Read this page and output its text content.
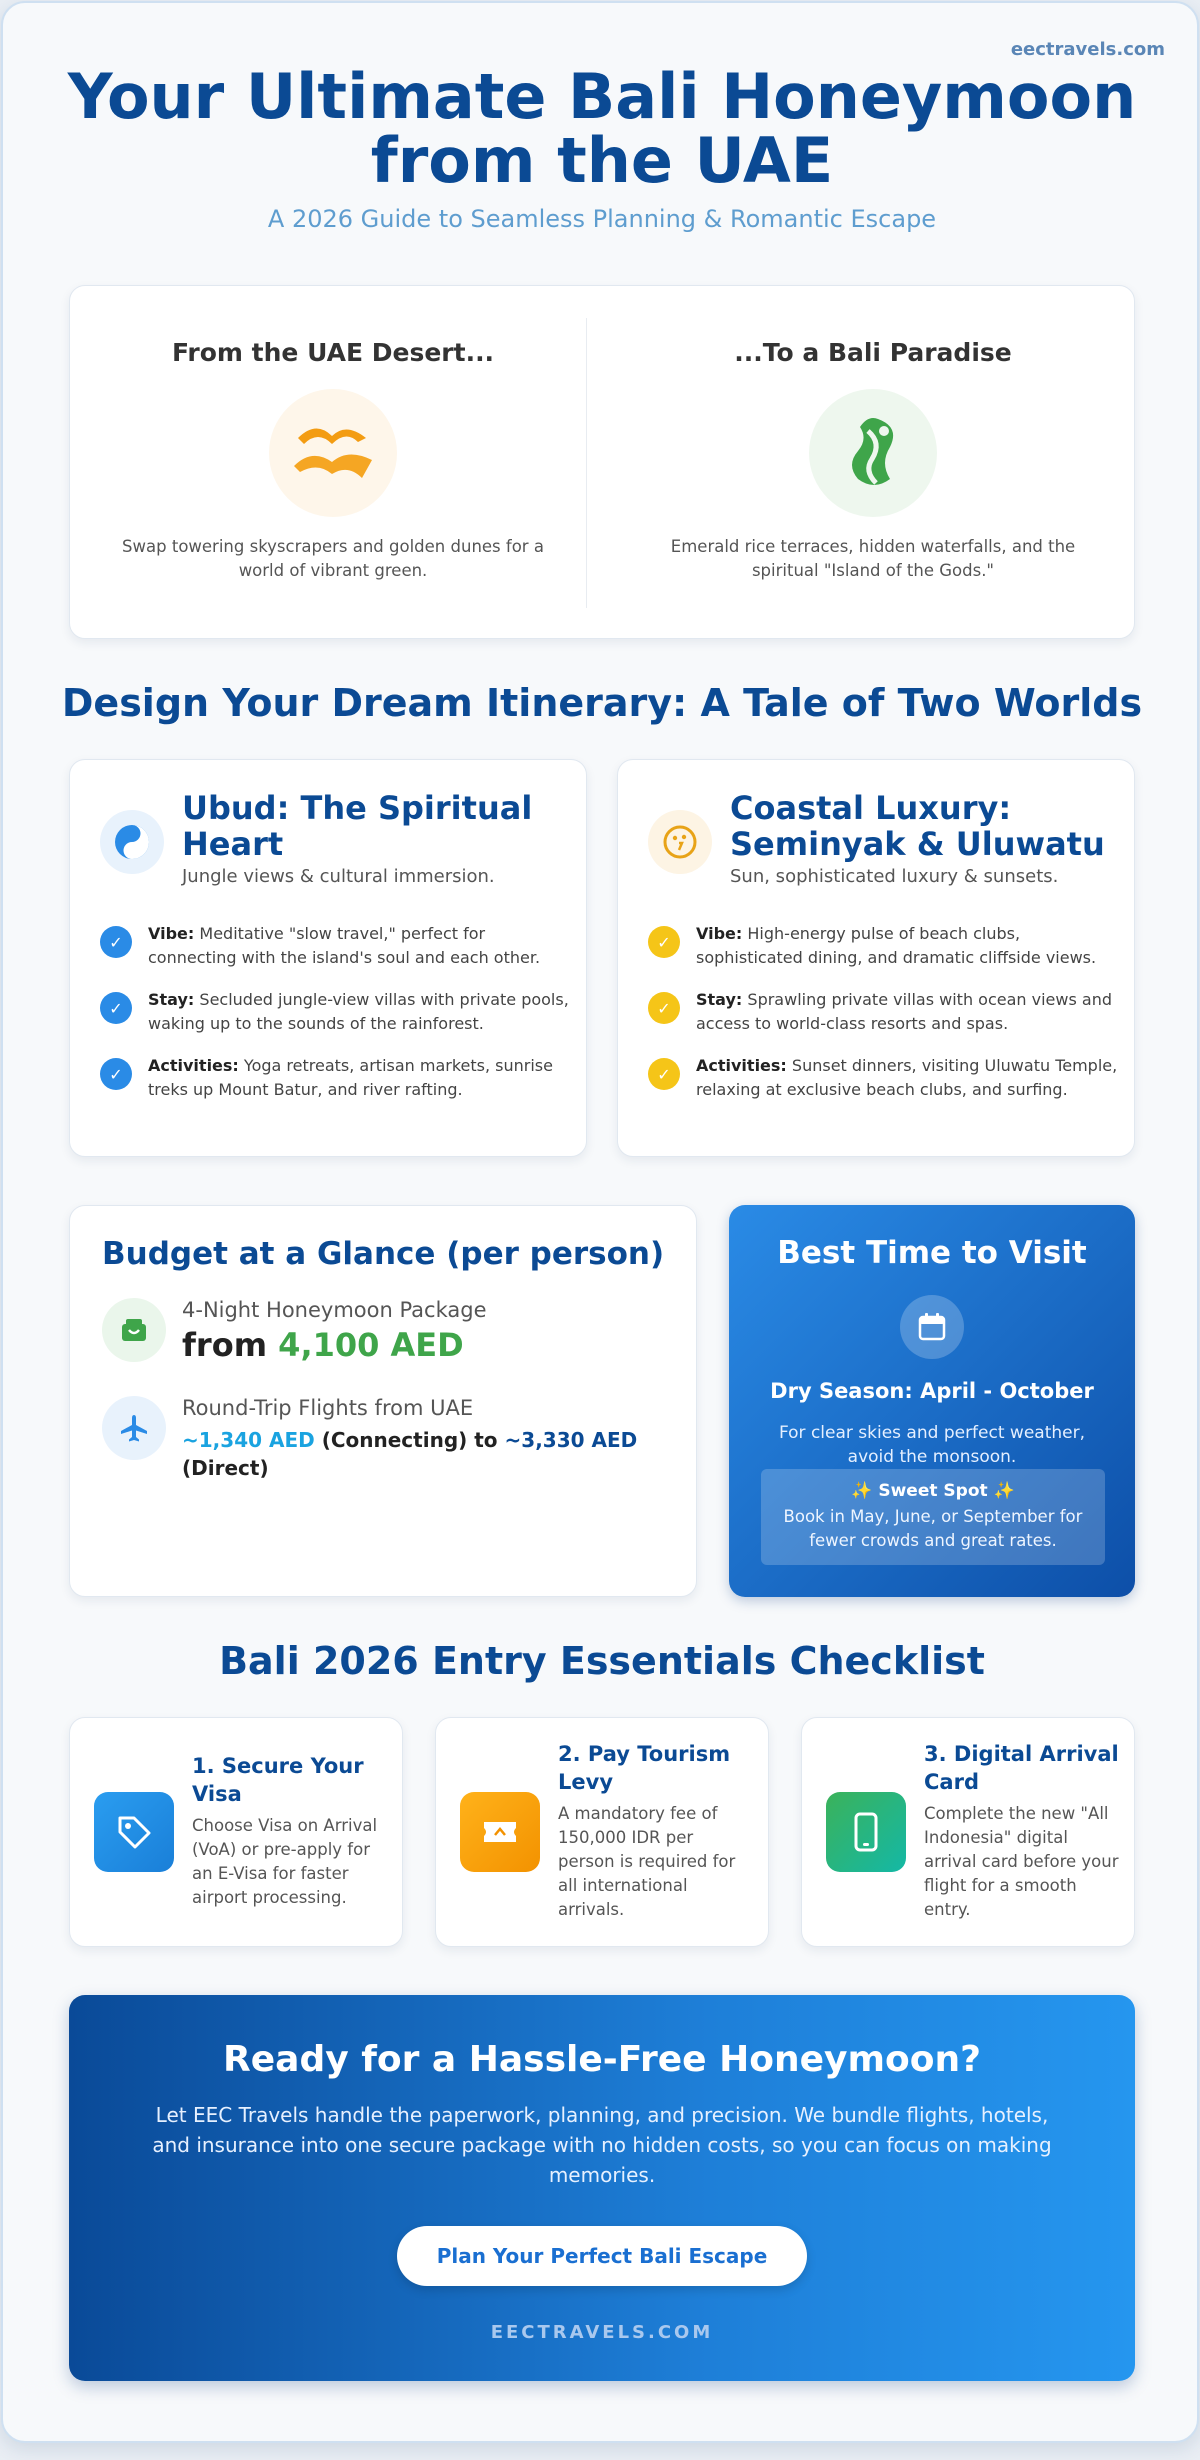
eectravels.com
Your Ultimate Bali Honeymoon
from the UAE
A 2026 Guide to Seamless Planning & Romantic Escape
From the UAE Desert...

Swap towering skyscrapers and golden dunes for a world of vibrant green.

...To a Bali Paradise

Emerald rice terraces, hidden waterfalls, and the spiritual "Island of the Gods."

Design Your Dream Itinerary: A Tale of Two Worlds
Ubud: The Spiritual Heart
Jungle views & cultural immersion.
✓	Vibe: Meditative "slow travel," perfect for connecting with the island's soul and each other.
✓	Stay: Secluded jungle-view villas with private pools, waking up to the sounds of the rainforest.
✓	Activities: Yoga retreats, artisan markets, sunrise treks up Mount Batur, and river rafting.
Coastal Luxury: Seminyak & Uluwatu
Sun, sophisticated luxury & sunsets.
✓	Vibe: High-energy pulse of beach clubs, sophisticated dining, and dramatic cliffside views.
✓	Stay: Sprawling private villas with ocean views and access to world-class resorts and spas.
✓	Activities: Sunset dinners, visiting Uluwatu Temple, relaxing at exclusive beach clubs, and surfing.
Budget at a Glance (per person)
4-Night Honeymoon Package
from 4,100 AED
Round-Trip Flights from UAE
~1,340 AED (Connecting) to ~3,330 AED (Direct)
Best Time to Visit
Dry Season: April - October
For clear skies and perfect weather, avoid the monsoon.
✨ Sweet Spot ✨
Book in May, June, or September for fewer crowds and great rates.
Bali 2026 Entry Essentials Checklist
1. Secure Your Visa
Choose Visa on Arrival (VoA) or pre-apply for an E-Visa for faster airport processing.
2. Pay Tourism Levy
A mandatory fee of 150,000 IDR per person is required for all international arrivals.
3. Digital Arrival Card
Complete the new "All Indonesia" digital arrival card before your flight for a smooth entry.
Ready for a Hassle-Free Honeymoon?

Let EEC Travels handle the paperwork, planning, and precision. We bundle flights, hotels, and insurance into one secure package with no hidden costs, so you can focus on making memories.

Plan Your Perfect Bali Escape
EECTRAVELS.COM
